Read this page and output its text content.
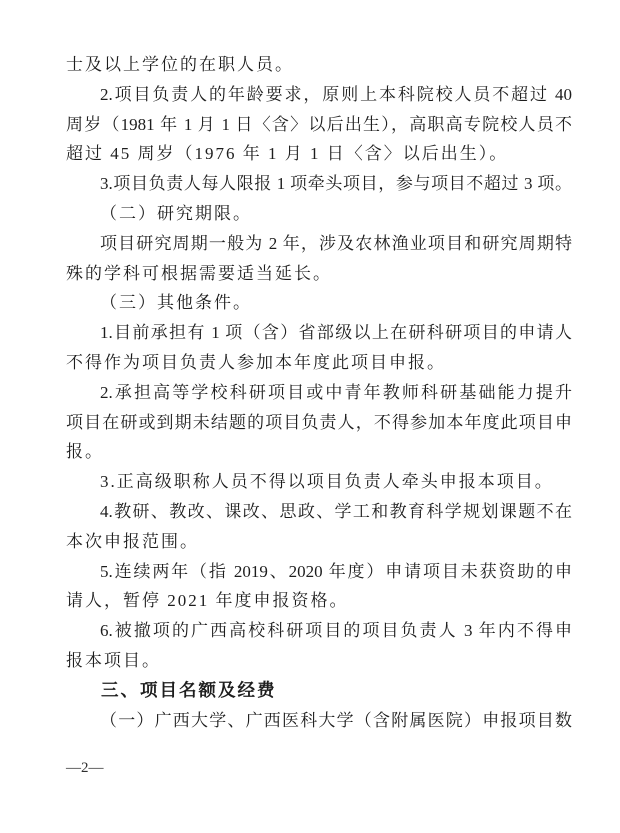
士及以上学位的在职人员。
2.项目负责人的年龄要求，原则上本科院校人员不超过 40
周岁（1981 年 1 月 1 日〈含〉以后出生），高职高专院校人员不
超过 45 周岁（1976 年 1 月 1 日〈含〉以后出生）。
3.项目负责人每人限报 1 项牵头项目，参与项目不超过 3 项。
（二）研究期限。
项目研究周期一般为 2 年，涉及农林渔业项目和研究周期特
殊的学科可根据需要适当延长。
（三）其他条件。
1.目前承担有 1 项（含）省部级以上在研科研项目的申请人
不得作为项目负责人参加本年度此项目申报。
2.承担高等学校科研项目或中青年教师科研基础能力提升
项目在研或到期未结题的项目负责人，不得参加本年度此项目申
报。
3.正高级职称人员不得以项目负责人牵头申报本项目。
4.教研、教改、课改、思政、学工和教育科学规划课题不在
本次申报范围。
5.连续两年（指 2019、2020 年度）申请项目未获资助的申
请人，暂停 2021 年度申报资格。
6.被撤项的广西高校科研项目的项目负责人 3 年内不得申
报本项目。
三、项目名额及经费
（一）广西大学、广西医科大学（含附属医院）申报项目数
—2—
